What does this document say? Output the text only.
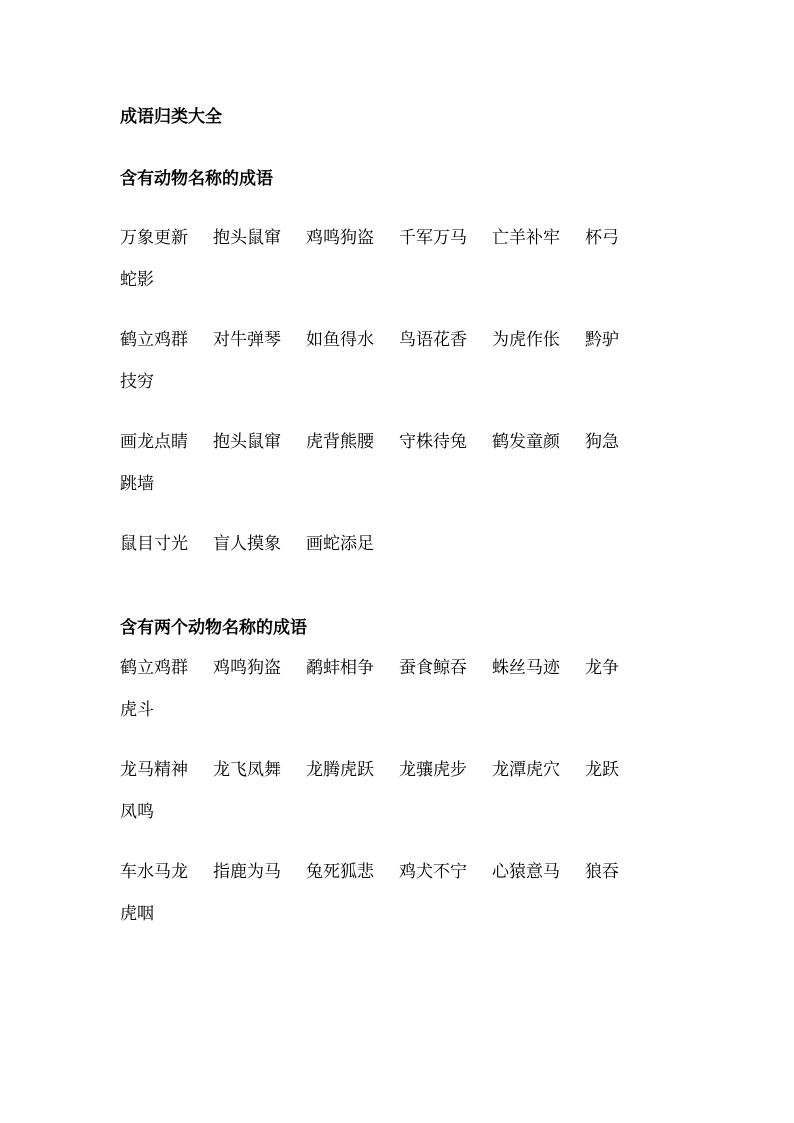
成语归类大全
含有动物名称的成语
万象更新 抱头鼠窜 鸡鸣狗盗 千军万马 亡羊补牢 杯弓
蛇影
鹤立鸡群 对牛弹琴 如鱼得水 鸟语花香 为虎作伥 黔驴
技穷
画龙点睛 抱头鼠窜 虎背熊腰 守株待兔 鹤发童颜 狗急
跳墙
鼠目寸光 盲人摸象 画蛇添足
含有两个动物名称的成语
鹤立鸡群 鸡鸣狗盗 鹬蚌相争 蚕食鲸吞 蛛丝马迹 龙争
虎斗
龙马精神 龙飞凤舞 龙腾虎跃 龙骧虎步 龙潭虎穴 龙跃
凤鸣
车水马龙 指鹿为马 兔死狐悲 鸡犬不宁 心猿意马 狼吞
虎咽
